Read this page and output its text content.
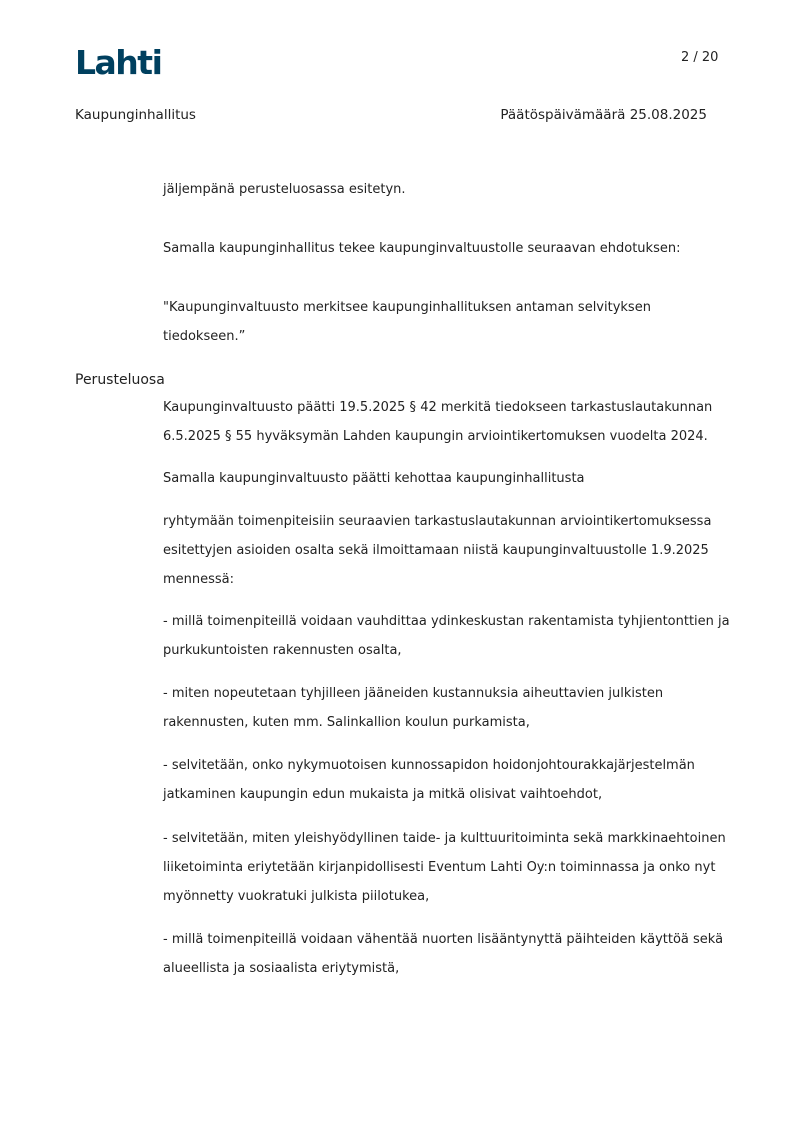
Lahti	2 / 20
Kaupunginhallitus	Päätöspäivämäärä 25.08.2025
Perusteluosa

jäljempänä perusteluosassa esitetyn.

Samalla kaupunginhallitus tekee kaupunginvaltuustolle seuraavan ehdotuksen:

"Kaupunginvaltuusto merkitsee kaupunginhallituksen antaman selvityksen tiedokseen.”

Kaupunginvaltuusto päätti 19.5.2025 § 42 merkitä tiedokseen tarkastuslautakunnan 6.5.2025 § 55 hyväksymän Lahden kaupungin arviointikertomuksen vuodelta 2024.

Samalla kaupunginvaltuusto päätti kehottaa kaupunginhallitusta

ryhtymään toimenpiteisiin seuraavien tarkastuslautakunnan arviointikertomuksessa esitettyjen asioiden osalta sekä ilmoittamaan niistä kaupunginvaltuustolle 1.9.2025 mennessä:

- millä toimenpiteillä voidaan vauhdittaa ydinkeskustan rakentamista tyhjientonttien ja purkukuntoisten rakennusten osalta,

- miten nopeutetaan tyhjilleen jääneiden kustannuksia aiheuttavien julkisten rakennusten, kuten mm. Salinkallion koulun purkamista,

- selvitetään, onko nykymuotoisen kunnossapidon hoidonjohtourakkajärjestelmän jatkaminen kaupungin edun mukaista ja mitkä olisivat vaihtoehdot,

- selvitetään, miten yleishyödyllinen taide- ja kulttuuritoiminta sekä markkinaehtoinen liiketoiminta eriytetään kirjanpidollisesti Eventum Lahti Oy:n toiminnassa ja onko nyt myönnetty vuokratuki julkista piilotukea,

- millä toimenpiteillä voidaan vähentää nuorten lisääntynyttä päihteiden käyttöä sekä alueellista ja sosiaalista eriytymistä,
